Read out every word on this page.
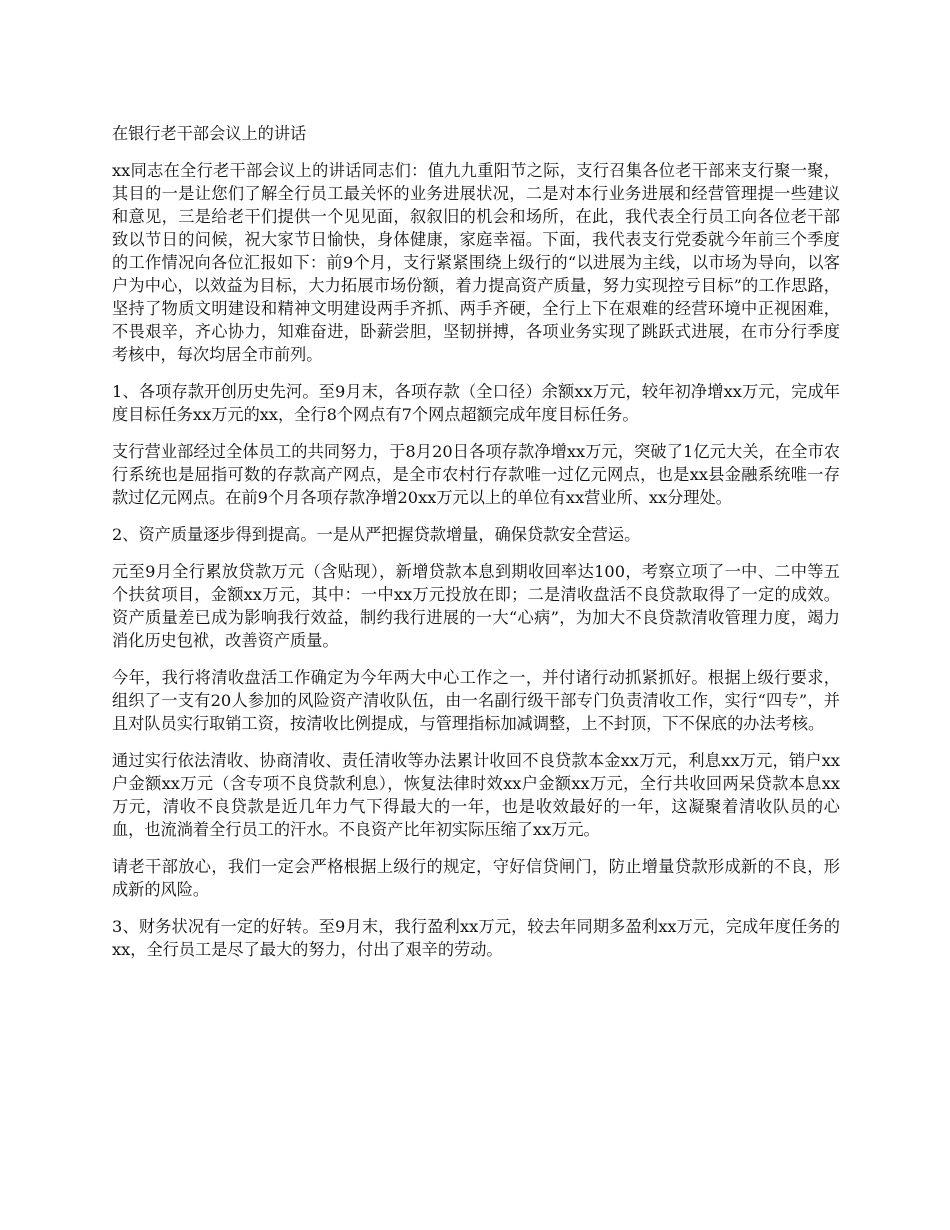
在银行老干部会议上的讲话

xx同志在全行老干部会议上的讲话同志们：值九九重阳节之际，支行召集各位老干部来支行聚一聚，其目的一是让您们了解全行员工最关怀的业务进展状况，二是对本行业务进展和经营管理提一些建议和意见，三是给老干们提供一个见见面，叙叙旧的机会和场所，在此，我代表全行员工向各位老干部致以节日的问候，祝大家节日愉快，身体健康，家庭幸福。下面，我代表支行党委就今年前三个季度的工作情况向各位汇报如下：前9个月，支行紧紧围绕上级行的“以进展为主线，以市场为导向，以客户为中心，以效益为目标，大力拓展市场份额，着力提高资产质量，努力实现控亏目标”的工作思路，坚持了物质文明建设和精神文明建设两手齐抓、两手齐硬，全行上下在艰难的经营环境中正视困难，不畏艰辛，齐心协力，知难奋进，卧薪尝胆，坚韧拼搏，各项业务实现了跳跃式进展，在市分行季度考核中，每次均居全市前列。

1、各项存款开创历史先河。至9月末，各项存款（全口径）余额xx万元，较年初净增xx万元，完成年度目标任务xx万元的xx，全行8个网点有7个网点超额完成年度目标任务。

支行营业部经过全体员工的共同努力，于8月20日各项存款净增xx万元，突破了1亿元大关，在全市农行系统也是屈指可数的存款高产网点，是全市农村行存款唯一过亿元网点，也是xx县金融系统唯一存款过亿元网点。在前9个月各项存款净增20xx万元以上的单位有xx营业所、xx分理处。

2、资产质量逐步得到提高。一是从严把握贷款增量，确保贷款安全营运。

元至9月全行累放贷款万元（含贴现），新增贷款本息到期收回率达100，考察立项了一中、二中等五个扶贫项目，金额xx万元，其中：一中xx万元投放在即；二是清收盘活不良贷款取得了一定的成效。资产质量差已成为影响我行效益，制约我行进展的一大“心病”，为加大不良贷款清收管理力度，竭力消化历史包袱，改善资产质量。

今年，我行将清收盘活工作确定为今年两大中心工作之一，并付诸行动抓紧抓好。根据上级行要求，组织了一支有20人参加的风险资产清收队伍，由一名副行级干部专门负责清收工作，实行“四专”，并且对队员实行取销工资，按清收比例提成，与管理指标加减调整，上不封顶，下不保底的办法考核。

通过实行依法清收、协商清收、责任清收等办法累计收回不良贷款本金xx万元，利息xx万元，销户xx户金额xx万元（含专项不良贷款利息），恢复法律时效xx户金额xx万元，全行共收回两呆贷款本息xx万元，清收不良贷款是近几年力气下得最大的一年，也是收效最好的一年，这凝聚着清收队员的心血，也流淌着全行员工的汗水。不良资产比年初实际压缩了xx万元。

请老干部放心，我们一定会严格根据上级行的规定，守好信贷闸门，防止增量贷款形成新的不良，形成新的风险。

3、财务状况有一定的好转。至9月末，我行盈利xx万元，较去年同期多盈利xx万元，完成年度任务的xx，全行员工是尽了最大的努力，付出了艰辛的劳动。
